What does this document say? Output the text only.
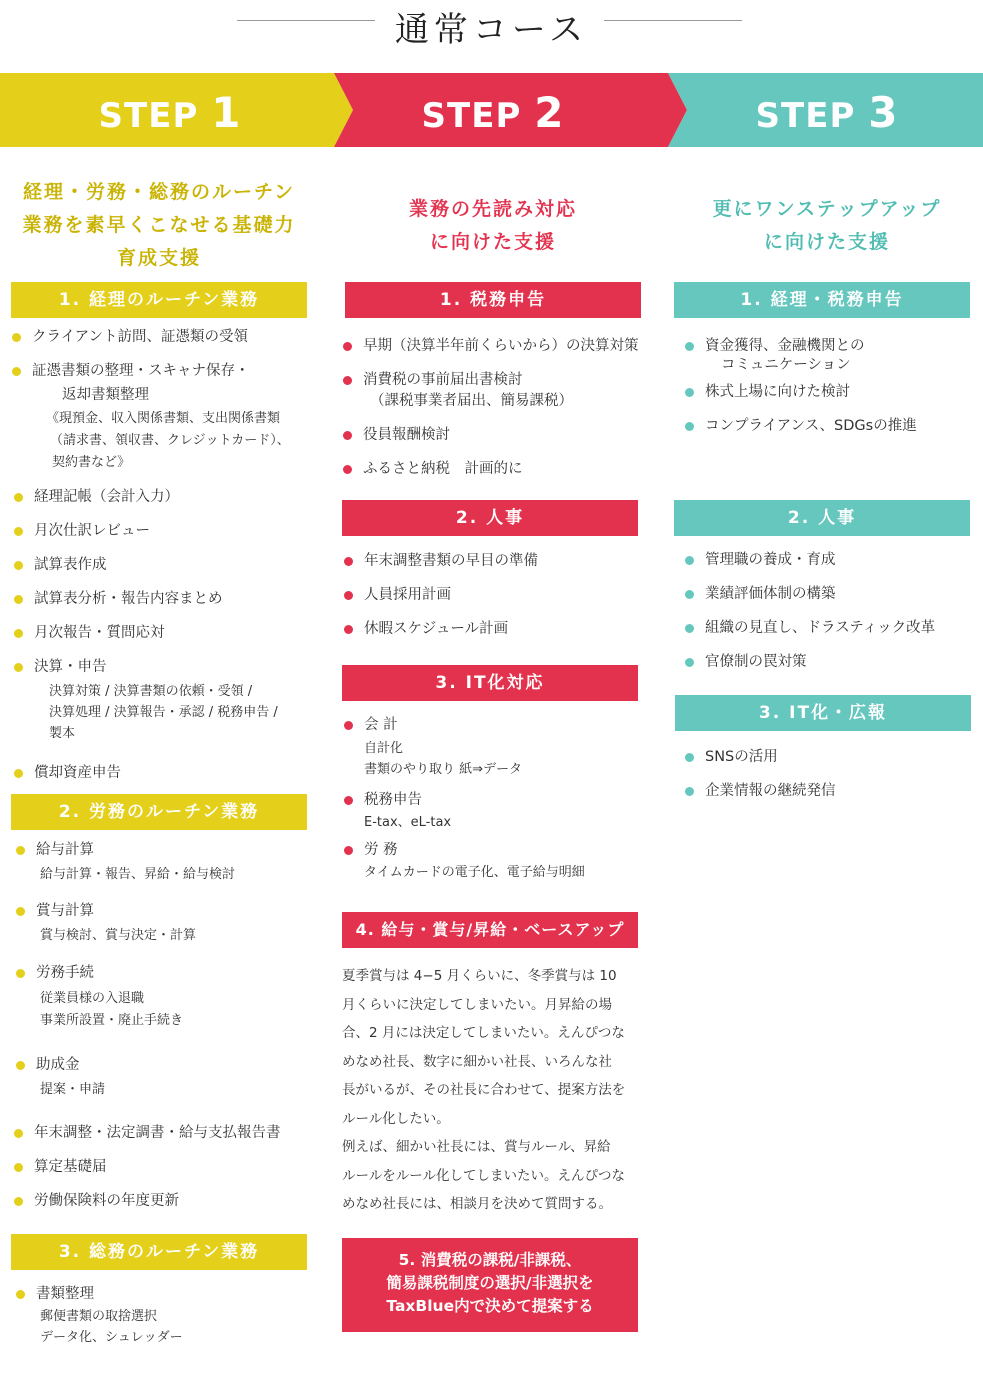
通常コース
STEP 1	STEP 2	STEP 3
経理・労務・総務のルーチン
業務を素早くこなせる基礎力
育成支援
1. 経理のルーチン業務
クライアント訪問、証憑類の受領
証憑書類の整理・スキャナ保存・
返却書類整理
《現預金、収入関係書類、支出関係書類
（請求書、領収書、クレジットカード）、
契約書など》
経理記帳（会計入力）
月次仕訳レビュー
試算表作成
試算表分析・報告内容まとめ
月次報告・質問応対
決算・申告
決算対策 / 決算書類の依頼・受領 /
決算処理 / 決算報告・承認 / 税務申告 /
製本
償却資産申告
2. 労務のルーチン業務
給与計算
給与計算・報告、昇給・給与検討
賞与計算
賞与検討、賞与決定・計算
労務手続
従業員様の入退職
事業所設置・廃止手続き
助成金
提案・申請
年末調整・法定調書・給与支払報告書
算定基礎届
労働保険料の年度更新
3. 総務のルーチン業務
書類整理
郵便書類の取捨選択
データ化、シュレッダー
業務の先読み対応
に向けた支援
1. 税務申告
早期（決算半年前くらいから）の決算対策
消費税の事前届出書検討
（課税事業者届出、簡易課税）
役員報酬検討
ふるさと納税　計画的に
2. 人事
年末調整書類の早目の準備
人員採用計画
休暇スケジュール計画
3. IT化対応
会 計
自計化
書類のやり取り 紙⇒データ
税務申告
E-tax、eL-tax
労 務
タイムカードの電子化、電子給与明細
4. 給与・賞与/昇給・ベースアップ
夏季賞与は 4−5 月くらいに、冬季賞与は 10
月くらいに決定してしまいたい。月昇給の場
合、2 月には決定してしまいたい。えんぴつな
めなめ社長、数字に細かい社長、いろんな社
長がいるが、その社長に合わせて、提案方法を
ルール化したい。
例えば、細かい社長には、賞与ルール、昇給
ルールをルール化してしまいたい。えんぴつな
めなめ社長には、相談月を決めて質問する。
5. 消費税の課税/非課税、
簡易課税制度の選択/非選択を
TaxBlue内で決めて提案する
更にワンステップアップ
に向けた支援
1. 経理・税務申告
資金獲得、金融機関との
コミュニケーション
株式上場に向けた検討
コンプライアンス、SDGsの推進
2. 人事
管理職の養成・育成
業績評価体制の構築
組織の見直し、ドラスティック改革
官僚制の罠対策
3. IT化・広報
SNSの活用
企業情報の継続発信
